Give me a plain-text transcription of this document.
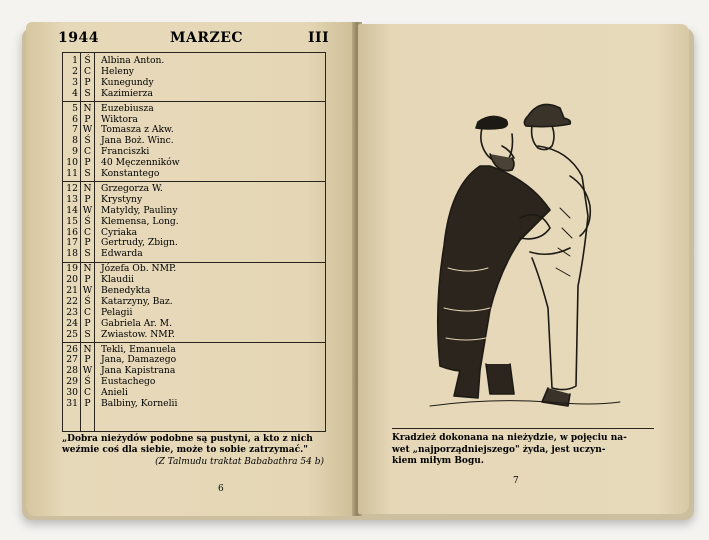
1944	MARZEC	III
1 Ś	Albina Anton.
2 C	Heleny
3 P	Kunegundy
4 S	Kazimierza
5 N Euzebiusza
6 P	Wiktora
7 W Tomasza z Akw.
8 Ś	Jana Boż. Winc.
9 C	Franciszki
10 P	40 Męczenników
11 S	Konstantego
12 N Grzegorza W.
13 P	Krystyny
14 W Matyldy, Pauliny
15 Ś	Klemensa, Long.
16 C	Cyriaka
17 P	Gertrudy, Zbign.
18 S	Edwarda
19 N Józefa Ob. NMP.
20 P	Klaudii
21 W Benedykta
22 Ś	Katarzyny, Baz.
23 C	Pelagii
24 P	Gabriela Ar. M.
25 S	Zwiastow. NMP.
26 N Tekli, Emanuela
27 P	Jana, Damazego
28 W Jana Kapistrana
29 Ś	Eustachego
30 C	Anieli
31 P	Balbiny, Kornelii
„Dobra nieżydów podobne są pustyni, a kto z nich
weźmie coś dla siebie, może to sobie zatrzymać."
(Z Talmudu traktat Bababathra 54 b)
6
Kradzież dokonana na nieżydzie, w pojęciu na-
wet „najporządniejszego" żyda, jest uczyn-
kiem miłym Bogu.
7
